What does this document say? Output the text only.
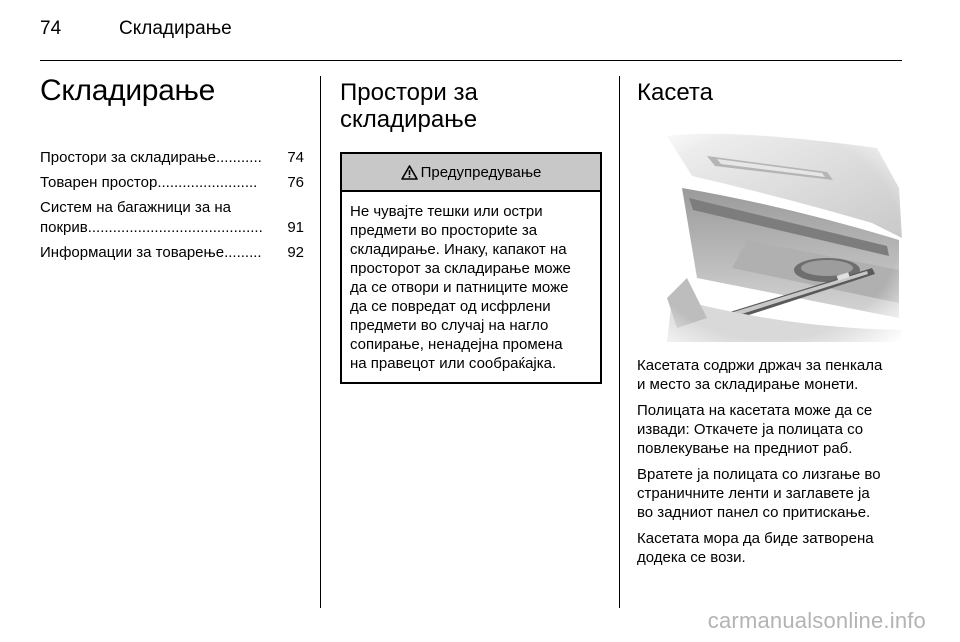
74	Складирање
Складирање
Простори за складирање ...........	74
Товарен простор ........................	76
Систем на багажници за на
покрив ..........................................	91
Информации за товарење .........	92
Простори за
складирање
Предупредување
Не чувајте тешки или остри
предмети во просториte за
складирање. Инаку, капакот на
просторот за складирање може
да се отвори и патниците може
да се повредат од исфрлени
предмети во случај на нагло
сопирање, ненадејна промена
на правецот или сообраќајка.
Касета
Касетата содржи држач за пенкала
и место за складирање монети.
Полицата на касетата може да се
извади: Откачете ја полицата со
повлекување на предниот раб.
Вратете ја полицата со лизгање во
страничните ленти и заглавете ја
во задниот панел со притискање.
Касетата мора да биде затворена
додека се вози.
carmanualsonline.info
